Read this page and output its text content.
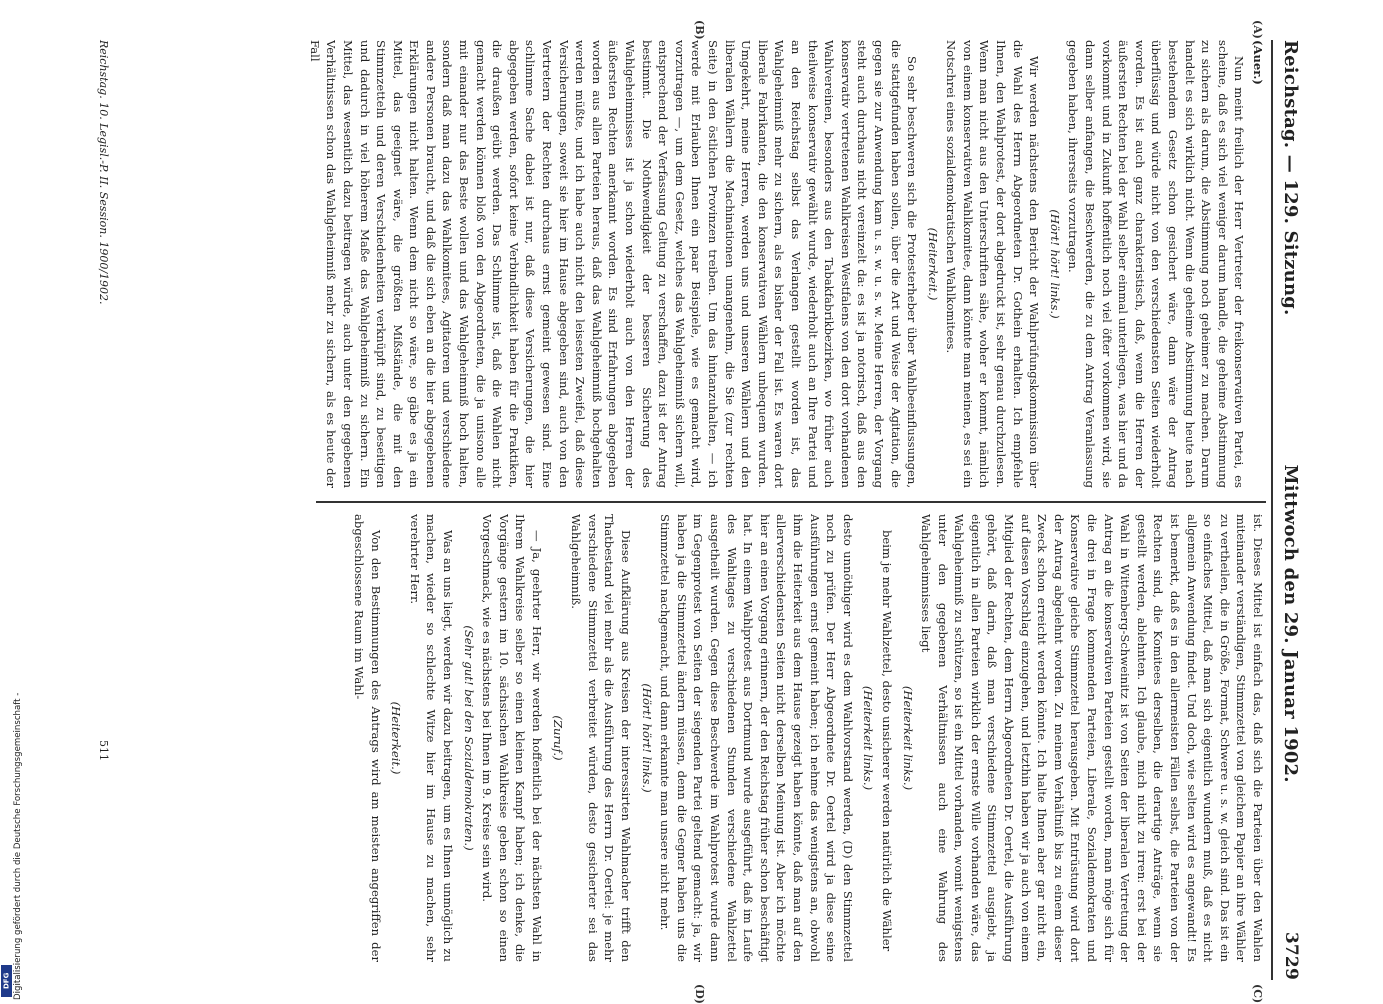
Reichstag. — 129. Sitzung.
Mittwoch den 29. Januar 1902.
3729
(A)
(B)
(C)
(D)

(Auer.)

Nun meint freilich der Herr Vertreter der freikonservativen Partei, es scheine, daß es sich viel weniger darum handle, die geheime Abstimmung zu sichern als darum, die Abstimmung noch geheimer zu machen. Darum handelt es sich wirklich nicht. Wenn die geheime Abstimmung heute nach bestehendem Gesetz schon gesichert wäre, dann wäre der Antrag überflüssig und würde nicht von den verschiedensten Seiten wiederholt worden. Es ist auch ganz charakteristisch, daß, wenn die Herren der äußersten Rechten bei der Wahl selber einmal unterliegen, was hier und da vorkommt und in Zukunft hoffentlich noch viel öfter vorkommen wird, sie dann selber anfangen, die Beschwerden, die zu dem Antrag Veranlassung gegeben haben, ihrerseits vorzutragen.

(Hört! hört! links.)

Wir werden nächstens den Bericht der Wahlprüfungskommission über die Wahl des Herrn Abgeordneten Dr. Gothein erhalten. Ich empfehle Ihnen, den Wahlprotest, der dort abgedruckt ist, sehr genau durchzulesen. Wenn man nicht aus den Unterschriften sähe, woher er kommt, nämlich von einem konservativen Wahlkomitee, dann könnte man meinen, es sei ein Notschrei eines sozialdemokratischen Wahlkomitees.

(Heiterkeit.)

So sehr beschweren sich die Protesterheber über Wahlbeeinflussungen, die stattgefunden haben sollen, über die Art und Weise der Agitation, die gegen sie zur Anwendung kam u. s. w. u. s. w. Meine Herren, der Vorgang steht auch durchaus nicht vereinzelt da: es ist ja notorisch, daß aus den konservativ vertretenen Wahlkreisen Westfalens von den dort vorhandenen Wahlvereinen, besonders aus den Tabakfabrikbezirken, wo früher auch theilweise konservativ gewählt wurde, wiederholt auch an Ihre Partei und an den Reichstag selbst das Verlangen gestellt worden ist, das Wahlgeheimniß mehr zu sichern, als es bisher der Fall ist. Es waren dort liberale Fabrikanten, die den konservativen Wählern unbequem wurden. Umgekehrt, meine Herren, werden uns und unseren Wählern und den liberalen Wählern die Machinationen unangenehm, die Sie (zur rechten Seite) in den östlichen Provinzen treiben. Um das hintanzuhalten, — ich werde mit Erlauben Ihnen ein paar Beispiele, wie es gemacht wird, vorzutragen —, um dem Gesetz, welches das Wahlgeheimniß sichern will, entsprechend der Verfassung Geltung zu verschaffen, dazu ist der Antrag bestimmt. Die Nothwendigkeit der besseren Sicherung des Wahlgeheimnisses ist ja schon wiederholt auch von den Herren der äußersten Rechten anerkannt worden. Es sind Erfahrungen abgegeben worden aus allen Parteien heraus, daß das Wahlgeheimniß hochgehalten werden müßte, und ich habe auch nicht den leisesten Zweifel, daß diese Versicherungen, soweit sie hier im Hause abgegeben sind, auch von den Vertretern der Rechten durchaus ernst gemeint gewesen sind. Eine schlimme Sache dabei ist nur, daß diese Versicherungen, die hier abgegeben werden, sofort keine Verbindlichkeit haben für die Praktiken, die draußen geübt werden. Das Schlimme ist, daß die Wahlen nicht gemacht werden können bloß von den Abgeordneten, die ja unisono alle mit einander nur das Beste wollen und das Wahlgeheimniß hoch halten, sondern daß man dazu das Wahlkomitees, Agitatoren und verschiedene andere Personen braucht, und daß die sich eben an die hier abgegebenen Erklärungen nicht halten. Wenn dem nicht so wäre, so gäbe es ja ein Mittel, das geeignet wäre, die größten Mißstände, die mit den Stimmzetteln und deren Verschiedenheiten verknüpft sind, zu beseitigen und dadurch in viel höherem Maße das Wahlgeheimniß zu sichern. Ein Mittel, das wesentlich dazu beitragen würde, auch unter den gegebenen Verhältnissen schon das Wahlgeheimniß mehr zu sichern, als es heute der Fall

ist. Dieses Mittel ist einfach das, daß sich die Parteien über den Wahlen miteinander verständigen, Stimmzettel von gleichem Papier an ihre Wähler zu vertheilen, die in Größe, Format, Schwere u. s. w. gleich sind. Das ist ein so einfaches Mittel, daß man sich eigentlich wundern muß, daß es nicht allgemein Anwendung findet. Und doch, wie selten wird es angewandt! Es ist bemerkt, daß es in den allermeisten Fällen selbst, die Parteien von der Rechten sind, die Komitees derselben, die derartige Anträge, wenn sie gestellt werden, ablehnten. Ich glaube, mich nicht zu irren: erst bei der Wahl in Wittenberg-Schweinitz ist von Seiten der liberalen Vertretung der Antrag an die konservativen Parteien gestellt worden, man möge sich für die drei in Frage kommenden Parteien, Liberale, Sozialdemokraten und Konservative gleiche Stimmzettel herausgeben. Mit Entrüstung wird dort der Antrag abgelehnt worden. Zu meinem Verhältniß bis zu einem dieser Zweck schon erreicht werden könnte. Ich halte Ihnen aber gar nicht ein, auf diesen Vorschlag einzugehen, und letzthin haben wir ja auch von einem Mitglied der Rechten, dem Herrn Abgeordneten Dr. Oertel, die Ausführung gehört, daß darin, daß man verschiedene Stimmzettel ausgiebt, ja eigentlich in allen Parteien wirklich der ernste Wille vorhanden wäre, das Wahlgeheimniß zu schützen, so ist ein Mittel vorhanden, womit wenigstens unter den gegebenen Verhältnissen auch eine Wahrung des Wahlgeheimnisses liegt

(Heiterkeit links.)

beim je mehr Wahlzettel, desto unsicherer werden natürlich die Wähler

(Heiterkeit links.)

desto unnöthiger wird es dem Wahlvorstand werden, (D) den Stimmzettel noch zu prüfen. Der Herr Abgeordnete Dr. Oertel wird ja diese seine Ausführungen ernst gemeint haben; ich nehme das wenigstens an, obwohl ihm die Heiterkeit aus dem Hause gezeigt haben könnte, daß man auf den allerverschiedensten Seiten nicht derselben Meinung ist. Aber ich möchte hier an einen Vorgang erinnern, der den Reichstag früher schon beschäftigt hat. In einem Wahlprotest aus Dortmund wurde ausgeführt, daß im Laufe des Wahltages zu verschiedenen Stunden verschiedene Wahlzettel ausgetheilt wurden. Gegen diese Beschwerde im Wahlprotest wurde dann im Gegenprotest von Seiten der siegenden Partei geltend gemacht: ja, wir haben ja die Stimmzettel ändern müssen, denn die Gegner haben uns die Stimmzettel nachgemacht, und dann erkannte man unsere nicht mehr.

(Hört! hört! links.)

Diese Aufklärung aus Kreisen der interessirten Wahlmacher trifft den Thatbestand viel mehr als die Ausführung des Herrn Dr. Oertel: je mehr verschiedene Stimmzettel verbreitet würden, desto gesicherter sei das Wahlgeheimniß.

(Zuruf.)

— Ja, geehrter Herr, wir werden hoffentlich bei der nächsten Wahl in Ihrem Wahlkreise selber so einen kleinen Kampf haben; ich denke, die Vorgänge gestern im 10. sächsischen Wahlkreise geben schon so einen Vorgeschmack, wie es nächstens bei Ihnen im 9. Kreise sein wird.

(Sehr gut! bei den Sozialdemokraten.)

Was an uns liegt, werden wir dazu beitragen, um es Ihnen unmöglich zu machen, wieder so schlechte Witze hier im Hause zu machen, sehr verehrter Herr.

(Heiterkeit.)

Von den Bestimmungen des Antrags wird am meisten angegriffen der abgeschlossene Raum im Wahl-

Reichstag. 10. Legisl.-P. II. Session. 1900/1902.
511
Digitalisierung gefördert durch die Deutsche Forschungsgemeinschaft -
DFG
